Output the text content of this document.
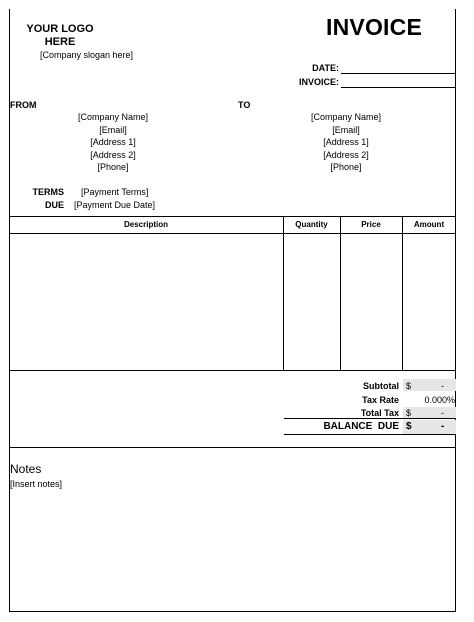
YOUR LOGO
HERE
[Company slogan here]
INVOICE
DATE:
INVOICE:
FROM	TO
[Company Name]
[Email]
[Address 1]
[Address 2]
[Phone]
[Company Name]
[Email]
[Address 1]
[Address 2]
[Phone]
TERMS [Payment Terms]
DUE [Payment Due Date]
Description	Quantity	Price	Amount
Subtotal $	-
Tax Rate	0.000%
Total Tax $	-
BALANCE  DUE $	-
Notes
[Insert notes]
